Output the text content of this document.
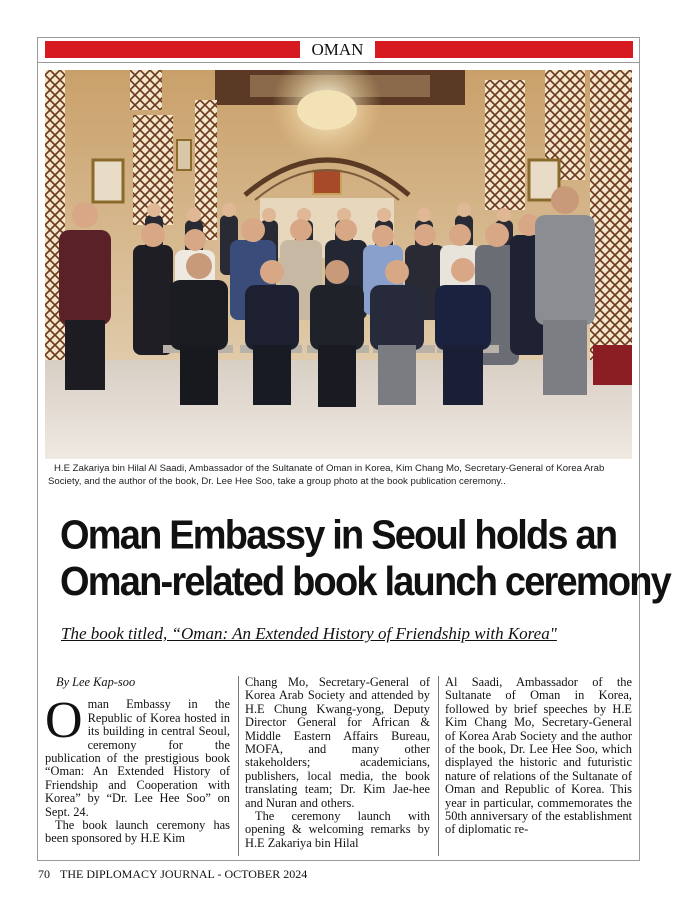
OMAN
H.E Zakariya bin Hilal Al Saadi, Ambassador of the Sultanate of Oman in Korea, Kim Chang Mo, Secretary-General of Korea Arab Society, and the author of the book, Dr. Lee Hee Soo, take a group photo at the book publication ceremony..
Oman Embassy in Seoul holds an
Oman-related book launch ceremony
The book titled, “Oman: An Extended History of Friendship with Korea"

By Lee Kap-soo

Oman Embassy in the Republic of Korea hosted in its building in central Seoul, ceremony for the publication of the prestigious book “Oman: An Extended History of Friendship and Cooperation with Korea” by “Dr. Lee Hee Soo” on Sept. 24.

The book launch ceremony has been sponsored by H.E Kim

Chang Mo, Secretary-General of Korea Arab Society and attended by H.E Chung Kwang-yong, Deputy Director General for African & Middle Eastern Affairs Bureau, MOFA, and many other stakeholders; academicians, publishers, local media, the book translating team; Dr. Kim Jae-hee and Nuran and others.

The ceremony launch with opening & welcoming remarks by H.E Zakariya bin Hilal

Al Saadi, Ambassador of the Sultanate of Oman in Korea, followed by brief speeches by H.E Kim Chang Mo, Secretary-General of Korea Arab Society and the author of the book, Dr. Lee Hee Soo, which displayed the historic and futuristic nature of relations of the Sultanate of Oman and Republic of Korea. This year in particular, commemorates the 50th anniversary of the establishment of diplomatic re-

70 THE DIPLOMACY JOURNAL - OCTOBER 2024
